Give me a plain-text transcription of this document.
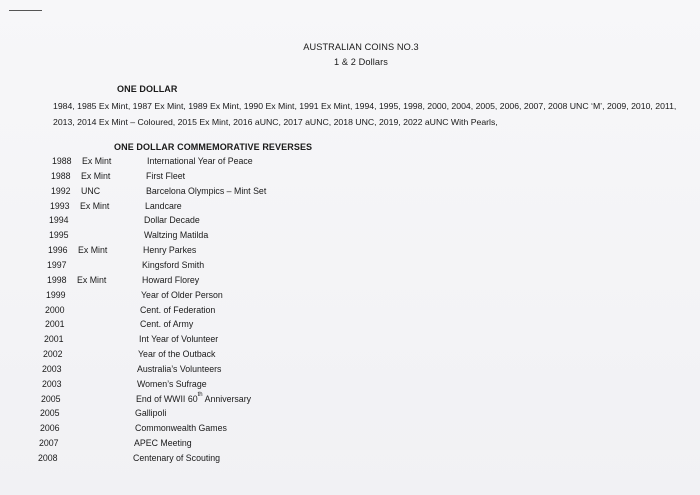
AUSTRALIAN COINS NO.3
1 & 2 Dollars
ONE DOLLAR
1984, 1985 Ex Mint, 1987 Ex Mint, 1989 Ex Mint, 1990 Ex Mint, 1991 Ex Mint, 1994, 1995, 1998, 2000, 2004, 2005, 2006, 2007, 2008 UNC ‘M’, 2009, 2010, 2011, 2013, 2014 Ex Mint – Coloured, 2015 Ex Mint, 2016 aUNC, 2017 aUNC, 2018 UNC, 2019, 2022 aUNC With Pearls,
ONE DOLLAR COMMEMORATIVE REVERSES
1988 Ex Mint	International Year of Peace
1988 Ex Mint	First Fleet
1992 UNC	Barcelona Olympics – Mint Set
1993 Ex Mint	Landcare
1994	Dollar Decade
1995	Waltzing Matilda
1996 Ex Mint	Henry Parkes
1997	Kingsford Smith
1998 Ex Mint	Howard Florey
1999	Year of Older Person
2000	Cent. of Federation
2001	Cent. of Army
2001	Int Year of Volunteer
2002	Year of the Outback
2003	Australia’s Volunteers
2003	Women’s Sufrage
2005	End of WWII 60th Anniversary
2005	Gallipoli
2006	Commonwealth Games
2007	APEC Meeting
2008	Centenary of Scouting
